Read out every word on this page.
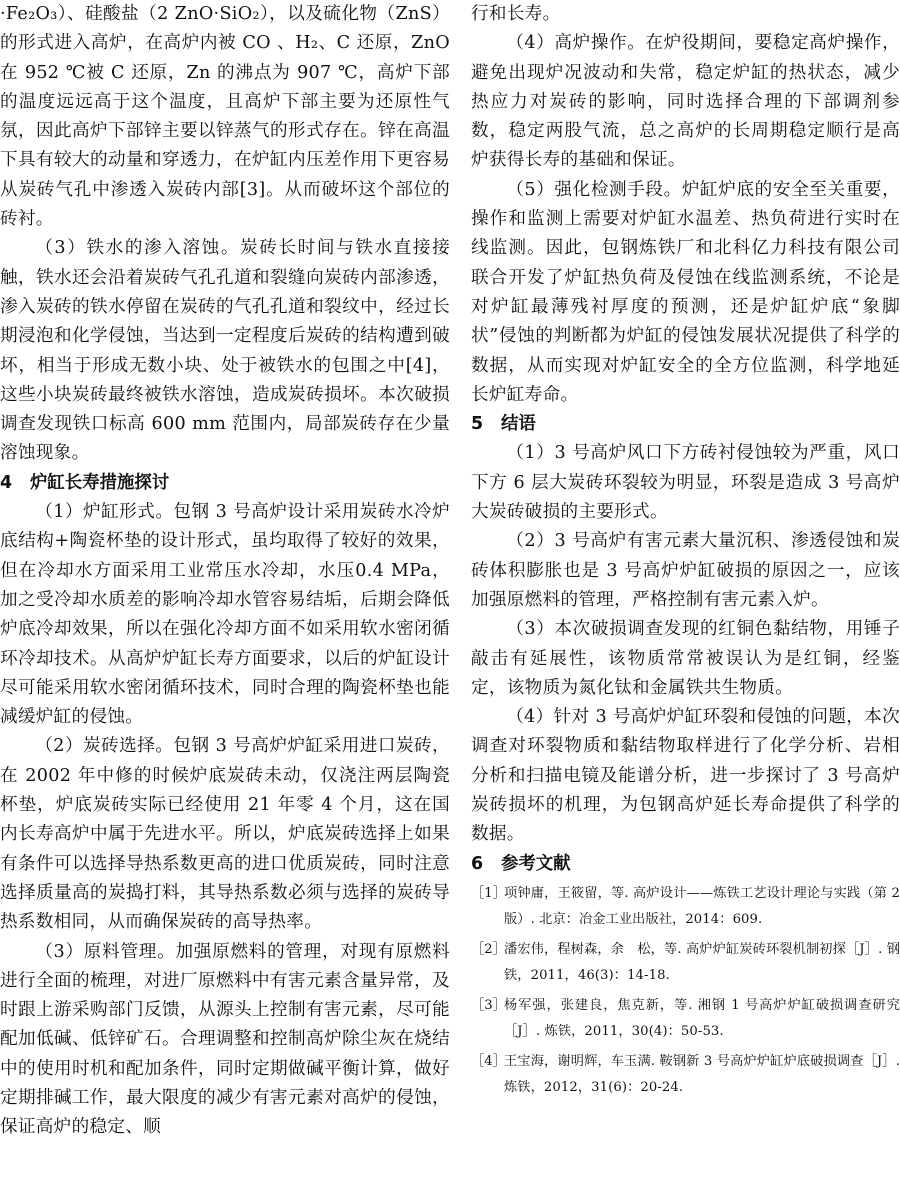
·Fe₂O₃）、硅酸盐（2 ZnO·SiO₂），以及硫化物（ZnS）的形式进入高炉，在高炉内被 CO 、H₂、C 还原，ZnO 在 952 ℃被 C 还原，Zn 的沸点为 907 ℃，高炉下部的温度远远高于这个温度，且高炉下部主要为还原性气氛，因此高炉下部锌主要以锌蒸气的形式存在。锌在高温下具有较大的动量和穿透力，在炉缸内压差作用下更容易从炭砖气孔中渗透入炭砖内部[3]。从而破坏这个部位的砖衬。

（3）铁水的渗入溶蚀。炭砖长时间与铁水直接接触，铁水还会沿着炭砖气孔孔道和裂缝向炭砖内部渗透，渗入炭砖的铁水停留在炭砖的气孔孔道和裂纹中，经过长期浸泡和化学侵蚀，当达到一定程度后炭砖的结构遭到破坏，相当于形成无数小块、处于被铁水的包围之中[4]，这些小块炭砖最终被铁水溶蚀，造成炭砖损坏。本次破损调查发现铁口标高 600 mm 范围内，局部炭砖存在少量溶蚀现象。

4 炉缸长寿措施探讨

（1）炉缸形式。包钢 3 号高炉设计采用炭砖水冷炉底结构+陶瓷杯垫的设计形式，虽均取得了较好的效果，但在冷却水方面采用工业常压水冷却，水压0.4 MPa，加之受冷却水质差的影响冷却水管容易结垢，后期会降低炉底冷却效果，所以在强化冷却方面不如采用软水密闭循环冷却技术。从高炉炉缸长寿方面要求，以后的炉缸设计尽可能采用软水密闭循环技术，同时合理的陶瓷杯垫也能减缓炉缸的侵蚀。

（2）炭砖选择。包钢 3 号高炉炉缸采用进口炭砖，在 2002 年中修的时候炉底炭砖未动，仅浇注两层陶瓷杯垫，炉底炭砖实际已经使用 21 年零 4 个月，这在国内长寿高炉中属于先进水平。所以，炉底炭砖选择上如果有条件可以选择导热系数更高的进口优质炭砖，同时注意选择质量高的炭捣打料，其导热系数必须与选择的炭砖导热系数相同，从而确保炭砖的高导热率。

（3）原料管理。加强原燃料的管理，对现有原燃料进行全面的梳理，对进厂原燃料中有害元素含量异常，及时跟上游采购部门反馈，从源头上控制有害元素，尽可能配加低碱、低锌矿石。合理调整和控制高炉除尘灰在烧结中的使用时机和配加条件，同时定期做碱平衡计算，做好定期排碱工作，最大限度的减少有害元素对高炉的侵蚀，保证高炉的稳定、顺

行和长寿。

（4）高炉操作。在炉役期间，要稳定高炉操作，避免出现炉况波动和失常，稳定炉缸的热状态，减少热应力对炭砖的影响，同时选择合理的下部调剂参数，稳定两股气流，总之高炉的长周期稳定顺行是高炉获得长寿的基础和保证。

（5）强化检测手段。炉缸炉底的安全至关重要，操作和监测上需要对炉缸水温差、热负荷进行实时在线监测。因此，包钢炼铁厂和北科亿力科技有限公司联合开发了炉缸热负荷及侵蚀在线监测系统，不论是对炉缸最薄残衬厚度的预测，还是炉缸炉底“象脚状”侵蚀的判断都为炉缸的侵蚀发展状况提供了科学的数据，从而实现对炉缸安全的全方位监测，科学地延长炉缸寿命。

5 结语

（1）3 号高炉风口下方砖衬侵蚀较为严重，风口下方 6 层大炭砖环裂较为明显，环裂是造成 3 号高炉大炭砖破损的主要形式。

（2）3 号高炉有害元素大量沉积、渗透侵蚀和炭砖体积膨胀也是 3 号高炉炉缸破损的原因之一，应该加强原燃料的管理，严格控制有害元素入炉。

（3）本次破损调查发现的红铜色黏结物，用锤子敲击有延展性，该物质常常被误认为是红铜，经鉴定，该物质为氮化钛和金属铁共生物质。

（4）针对 3 号高炉炉缸环裂和侵蚀的问题，本次调查对环裂物质和黏结物取样进行了化学分析、岩相分析和扫描电镜及能谱分析，进一步探讨了 3 号高炉炭砖损坏的机理，为包钢高炉延长寿命提供了科学的数据。

6 参考文献
［1］
项钟庸，王筱留，等. 高炉设计——炼铁工艺设计理论与实践（第 2 版）. 北京：冶金工业出版社，2014：609.
［2］
潘宏伟，程树森，余　松，等. 高炉炉缸炭砖环裂机制初探［J］. 钢铁，2011，46(3)：14-18.
［3］
杨军强，张建良，焦克新，等. 湘钢 1 号高炉炉缸破损调查研究［J］. 炼铁，2011，30(4)：50-53.
［4］
王宝海，谢明辉，车玉满. 鞍钢新 3 号高炉炉缸炉底破损调查［J］. 炼铁，2012，31(6)：20-24.
